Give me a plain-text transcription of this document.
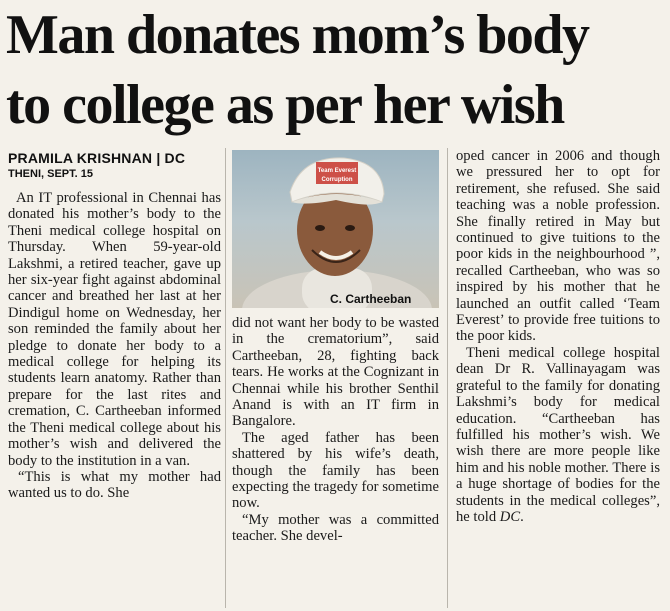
Man donates mom’s body
to college as per her wish
PRAMILA KRISHNAN | DC
THENI, SEPT. 15

An IT professional in Chennai has donated his mother’s body to the Theni medical college hospital on Thursday. When 59-year-old Lakshmi, a retired teacher, gave up her six-year fight against abdominal cancer and breathed her last at her Dindigul home on Wednesday, her son reminded the family about her pledge to donate her body to a medical college for helping its students learn anatomy. Rather than prepare for the last rites and cremation, C. Cartheeban informed the Theni medical college about his mother’s wish and delivered the body to the institution in a van.

“This is what my mother had wanted us to do. She

Team Everest
Corruption
C. Cartheeban

did not want her body to be wasted in the crematorium”, said Cartheeban, 28, fighting back tears. He works at the Cognizant in Chennai while his brother Senthil Anand is with an IT firm in Bangalore.

The aged father has been shattered by his wife’s death, though the family has been expecting the tragedy for sometime now.

“My mother was a committed teacher. She devel-

oped cancer in 2006 and though we pressured her to opt for retirement, she refused. She said teaching was a noble profession. She finally retired in May but continued to give tuitions to the poor kids in the neighbourhood ”, recalled Cartheeban, who was so inspired by his mother that he launched an outfit called ‘Team Everest’ to provide free tuitions to the poor kids.

Theni medical college hospital dean Dr R. Vallinayagam was grateful to the family for donating Lakshmi’s body for medical education. “Cartheeban has fulfilled his mother’s wish. We wish there are more people like him and his noble mother. There is a huge shortage of bodies for the students in the medical colleges”, he told DC.
